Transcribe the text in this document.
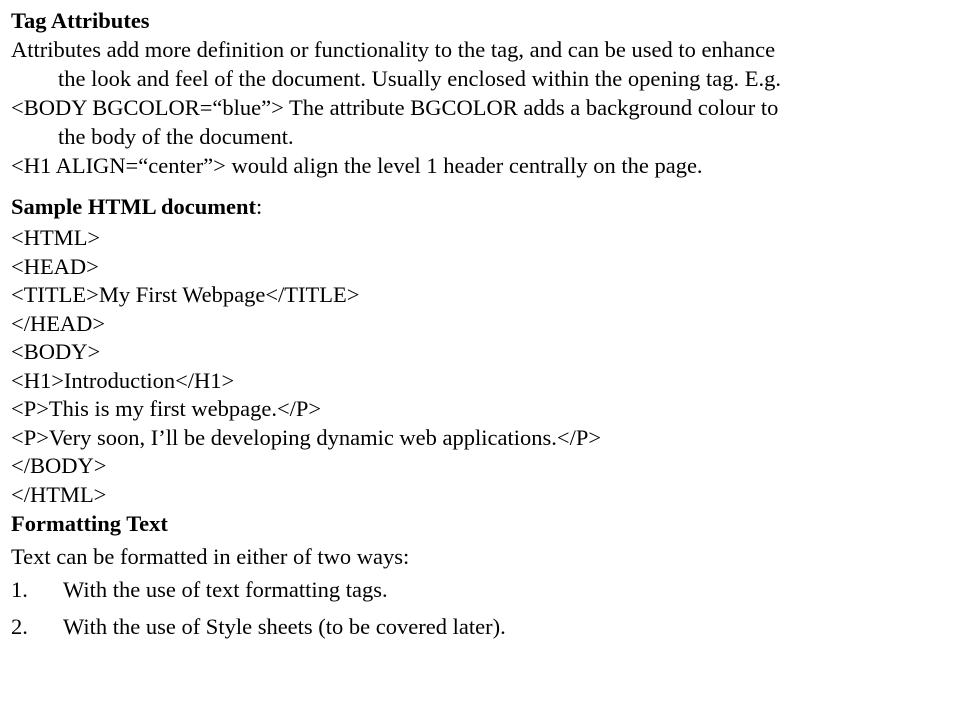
Tag Attributes
Attributes add more definition or functionality to the tag, and can be used to enhance
the look and feel of the document. Usually enclosed within the opening tag. E.g.
<BODY BGCOLOR=“blue”> The attribute BGCOLOR adds a background colour to
the body of the document.
<H1 ALIGN=“center”> would align the level 1 header centrally on the page.
Sample HTML document:
<HTML>
<HEAD>
<TITLE>My First Webpage</TITLE>
</HEAD>
<BODY>
<H1>Introduction</H1>
<P>This is my first webpage.</P>
<P>Very soon, I’ll be developing dynamic web applications.</P>
</BODY>
</HTML>
Formatting Text
Text can be formatted in either of two ways:
1.	With the use of text formatting tags.
2.	With the use of Style sheets (to be covered later).
